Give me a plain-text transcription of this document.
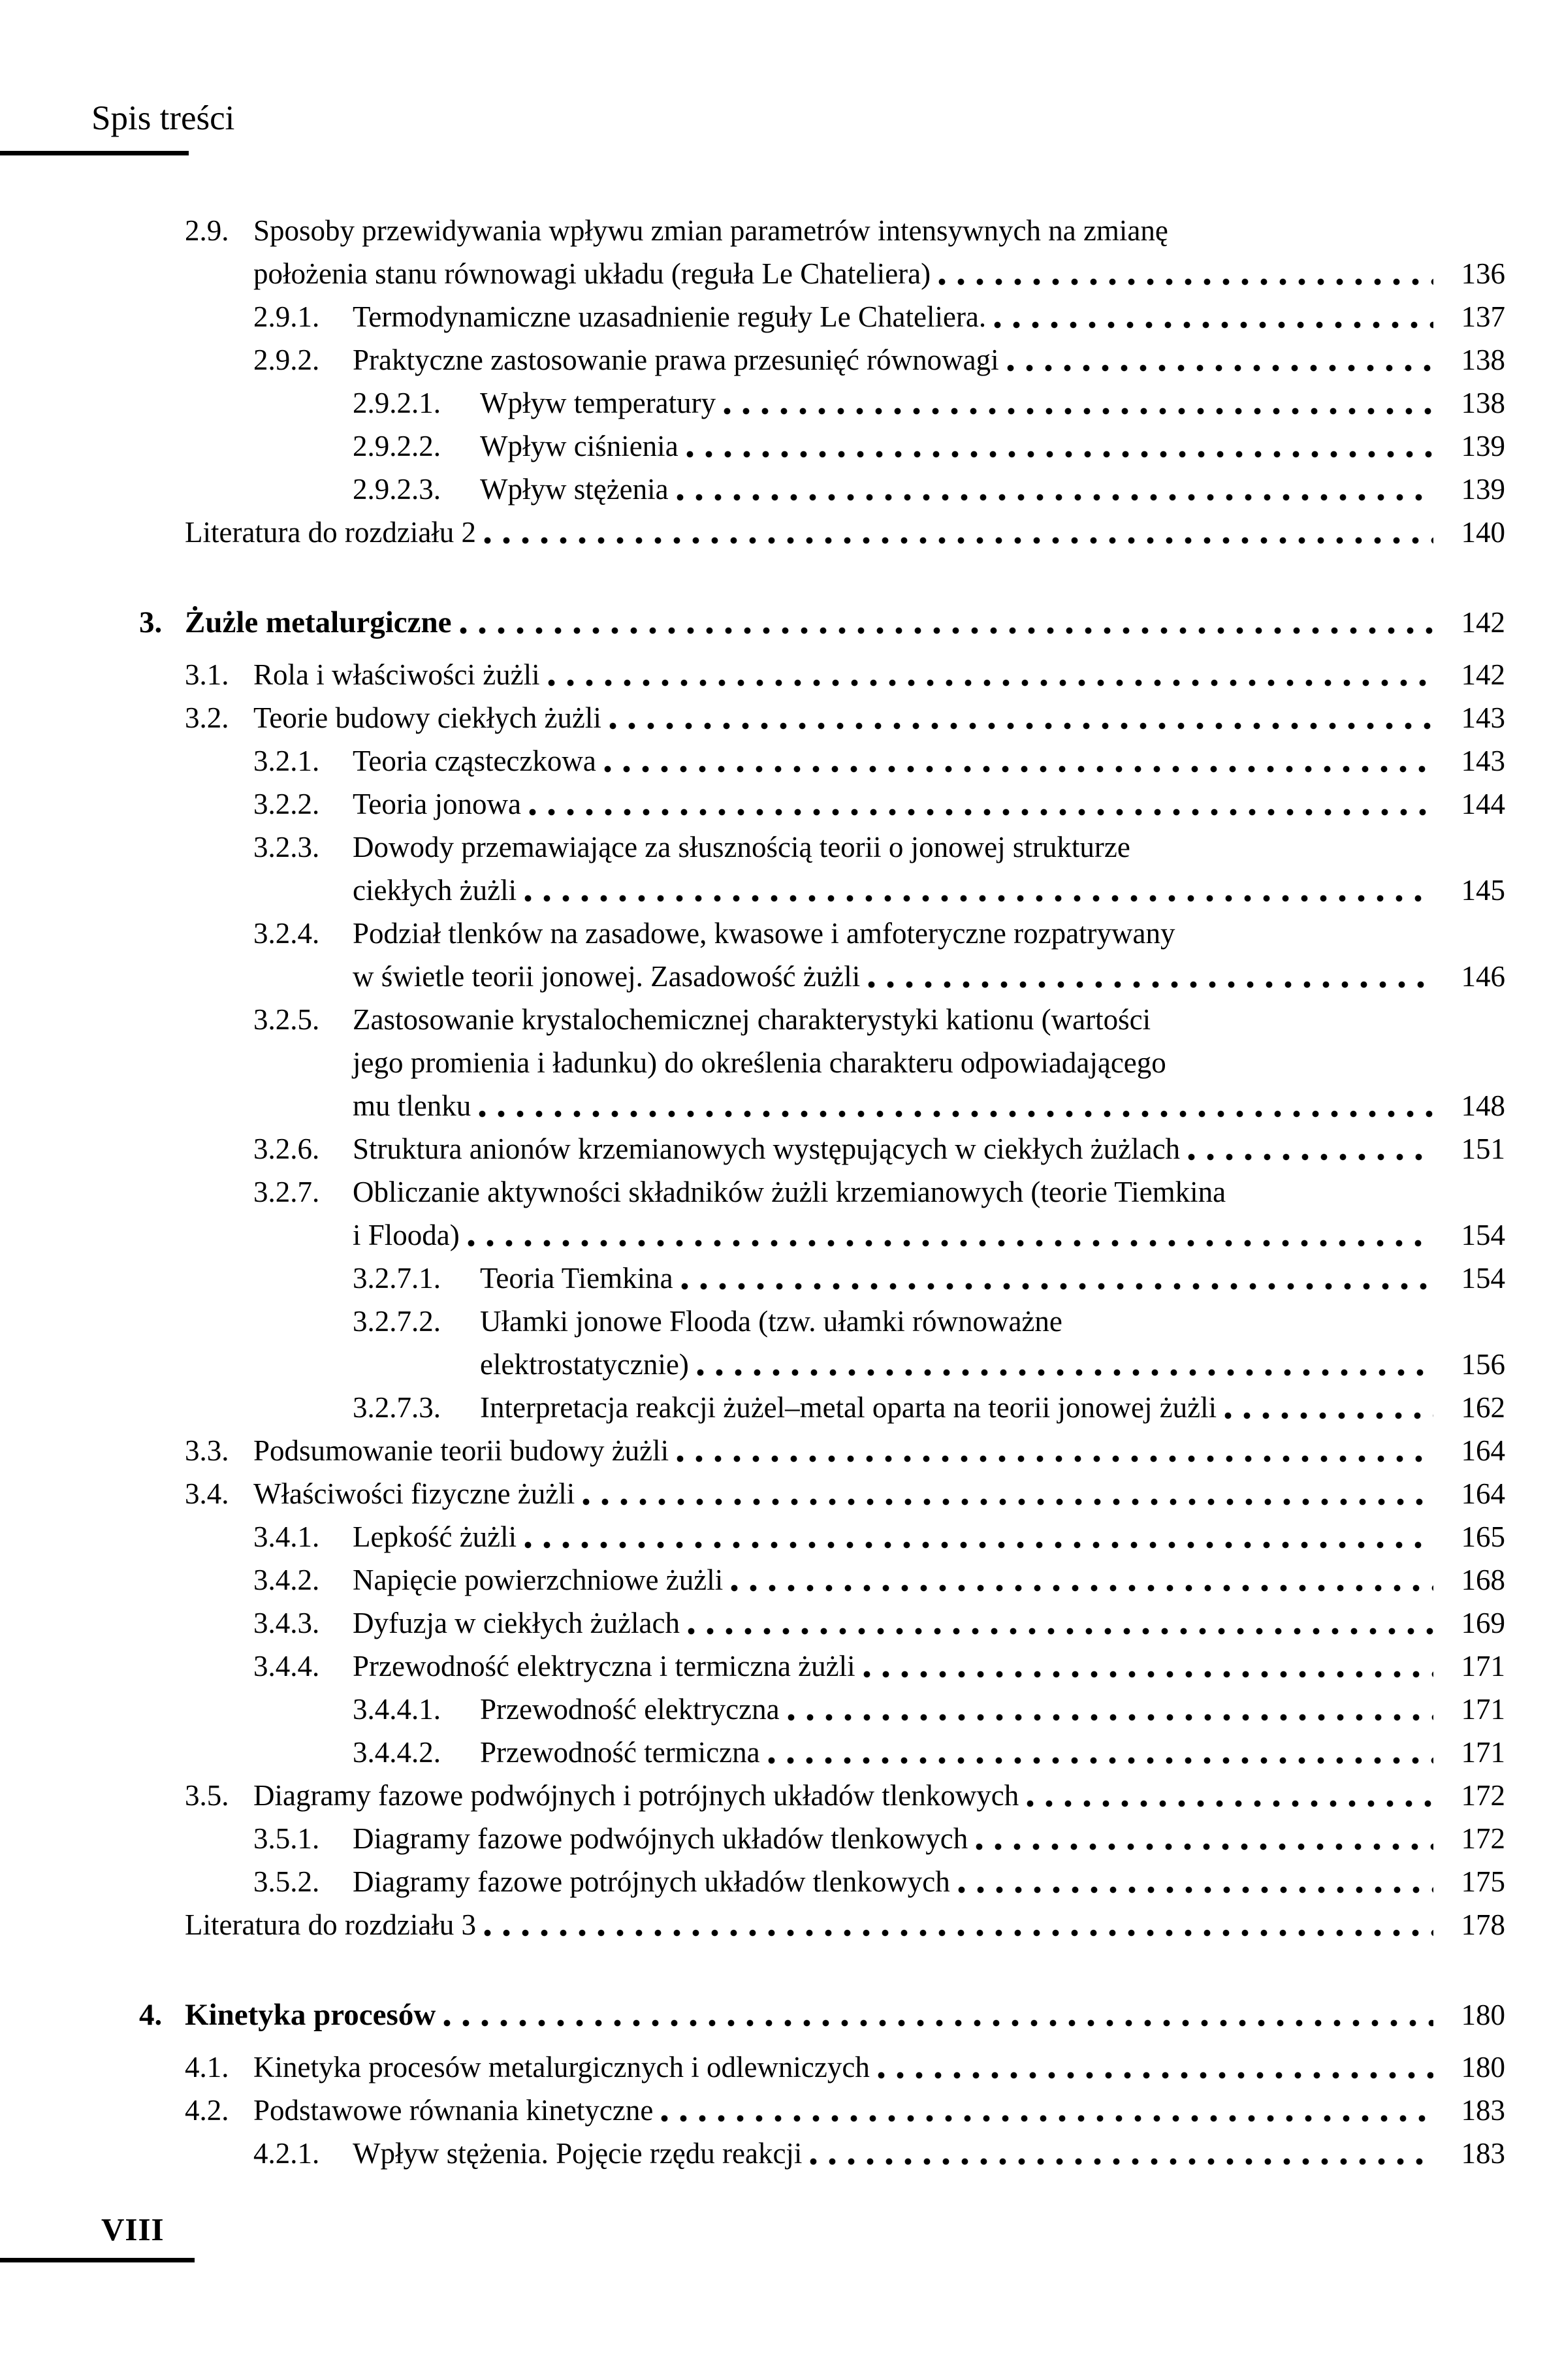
Spis treści
2.9. Sposoby przewidywania wpływu zmian parametrów intensywnych na zmianę
położenia stanu równowagi układu (reguła Le Chateliera)	136
2.9.1.	Termodynamiczne uzasadnienie reguły Le Chateliera.	137
2.9.2.	Praktyczne zastosowanie prawa przesunięć równowagi	138
2.9.2.1.	Wpływ temperatury	138
2.9.2.2.	Wpływ ciśnienia	139
2.9.2.3.	Wpływ stężenia	139
Literatura do rozdziału 2	140
3. Żużle metalurgiczne	142
3.1. Rola i właściwości żużli	142
3.2. Teorie budowy ciekłych żużli	143
3.2.1.	Teoria cząsteczkowa	143
3.2.2.	Teoria jonowa	144
3.2.3.	Dowody przemawiające za słusznością teorii o jonowej strukturze
ciekłych żużli	145
3.2.4.	Podział tlenków na zasadowe, kwasowe i amfoteryczne rozpatrywany
w świetle teorii jonowej. Zasadowość żużli	146
3.2.5.	Zastosowanie krystalochemicznej charakterystyki kationu (wartości
jego promienia i ładunku) do określenia charakteru odpowiadającego
mu tlenku	148
3.2.6.	Struktura anionów krzemianowych występujących w ciekłych żużlach	151
3.2.7.	Obliczanie aktywności składników żużli krzemianowych (teorie Tiemkina
i Flooda)	154
3.2.7.1.	Teoria Tiemkina	154
3.2.7.2.	Ułamki jonowe Flooda (tzw. ułamki równoważne
elektrostatycznie)	156
3.2.7.3.	Interpretacja reakcji żużel–metal oparta na teorii jonowej żużli	162
3.3. Podsumowanie teorii budowy żużli	164
3.4. Właściwości fizyczne żużli	164
3.4.1.	Lepkość żużli	165
3.4.2.	Napięcie powierzchniowe żużli	168
3.4.3.	Dyfuzja w ciekłych żużlach	169
3.4.4.	Przewodność elektryczna i termiczna żużli	171
3.4.4.1.	Przewodność elektryczna	171
3.4.4.2.	Przewodność termiczna	171
3.5. Diagramy fazowe podwójnych i potrójnych układów tlenkowych	172
3.5.1.	Diagramy fazowe podwójnych układów tlenkowych	172
3.5.2.	Diagramy fazowe potrójnych układów tlenkowych	175
Literatura do rozdziału 3	178
4. Kinetyka procesów	180
4.1. Kinetyka procesów metalurgicznych i odlewniczych	180
4.2. Podstawowe równania kinetyczne	183
4.2.1.	Wpływ stężenia. Pojęcie rzędu reakcji	183
VIII
